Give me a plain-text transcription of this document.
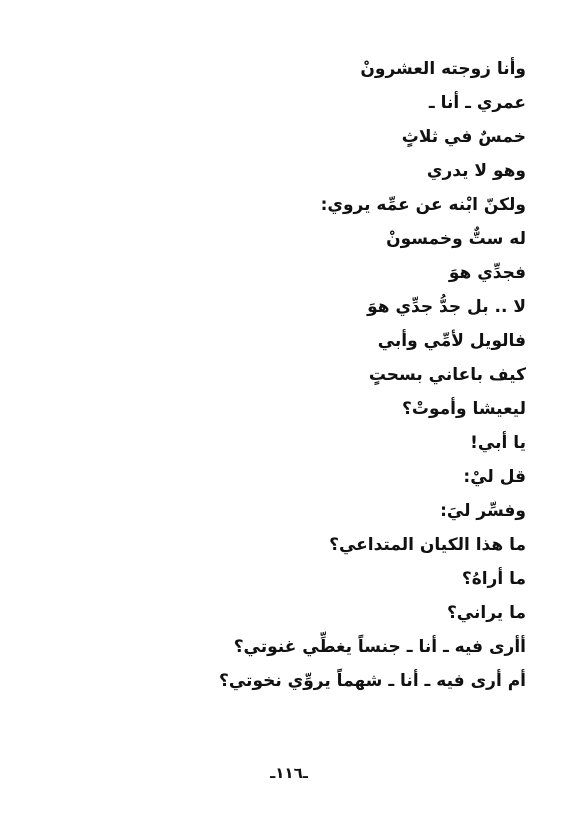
وأنا زوجته العشرونْ
عمري ـ أنا ـ
خمسٌ في ثلاثٍ
وهو لا يدري
ولكنّ ابْنه عن عمِّه يروي:
له ستٌّ وخمسونْ
فجدِّي هوَ
لا .. بل جدُّ جدِّي هوَ
فالويل لأمِّي وأبي
كيف باعاني بسحتٍ
ليعيشا وأموتْ؟
يا أبي!
قل ليْ:
وفسِّر ليَ:
ما هذا الكيان المتداعي؟
ما أراهُ؟
ما يراني؟
أأرى فيه ـ أنا ـ جنساً يغطِّي غنوتي؟
أم أرى فيه ـ أنا ـ شهماً يروِّي نخوتي؟
ـ١١٦ـ
